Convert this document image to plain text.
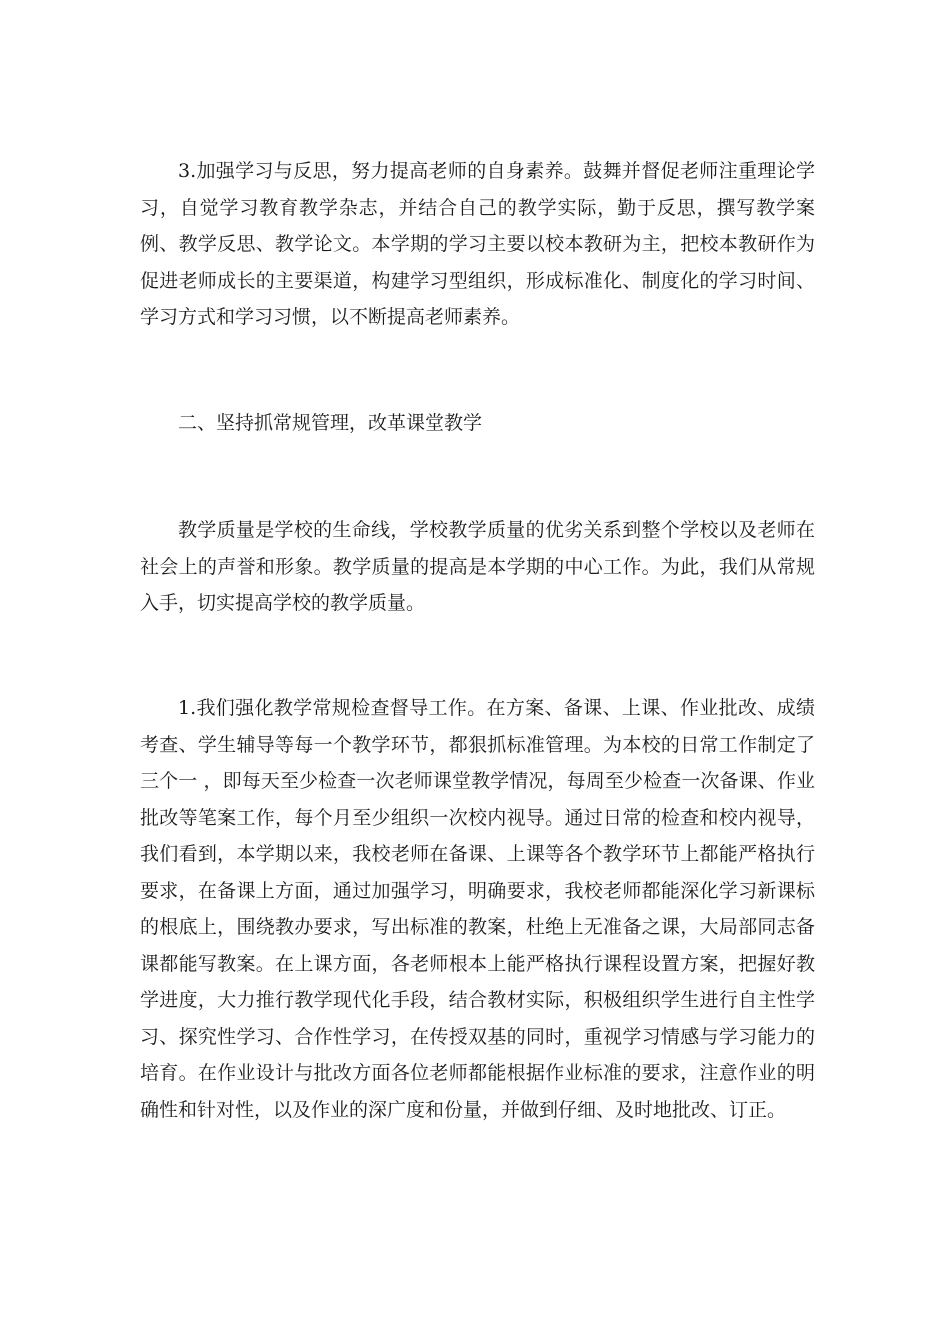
3.加强学习与反思，努力提高老师的自身素养。鼓舞并督促老师注重理论学习，自觉学习教育教学杂志，并结合自己的教学实际，勤于反思，撰写教学案例、教学反思、教学论文。本学期的学习主要以校本教研为主，把校本教研作为促进老师成长的主要渠道，构建学习型组织，形成标准化、制度化的学习时间、学习方式和学习习惯，以不断提高老师素养。

二、坚持抓常规管理，改革课堂教学

教学质量是学校的生命线，学校教学质量的优劣关系到整个学校以及老师在社会上的声誉和形象。教学质量的提高是本学期的中心工作。为此，我们从常规入手，切实提高学校的教学质量。

1.我们强化教学常规检查督导工作。在方案、备课、上课、作业批改、成绩考查、学生辅导等每一个教学环节，都狠抓标准管理。为本校的日常工作制定了 三个一 ，即每天至少检查一次老师课堂教学情况，每周至少检查一次备课、作业批改等笔案工作，每个月至少组织一次校内视导。通过日常的检查和校内视导，我们看到，本学期以来，我校老师在备课、上课等各个教学环节上都能严格执行要求，在备课上方面，通过加强学习，明确要求，我校老师都能深化学习新课标的根底上，围绕教办要求，写出标准的教案，杜绝上无准备之课，大局部同志备课都能写教案。在上课方面，各老师根本上能严格执行课程设置方案，把握好教学进度，大力推行教学现代化手段，结合教材实际，积极组织学生进行自主性学习、探究性学习、合作性学习，在传授双基的同时，重视学习情感与学习能力的培育。在作业设计与批改方面各位老师都能根据作业标准的要求，注意作业的明确性和针对性，以及作业的深广度和份量，并做到仔细、及时地批改、订正。
